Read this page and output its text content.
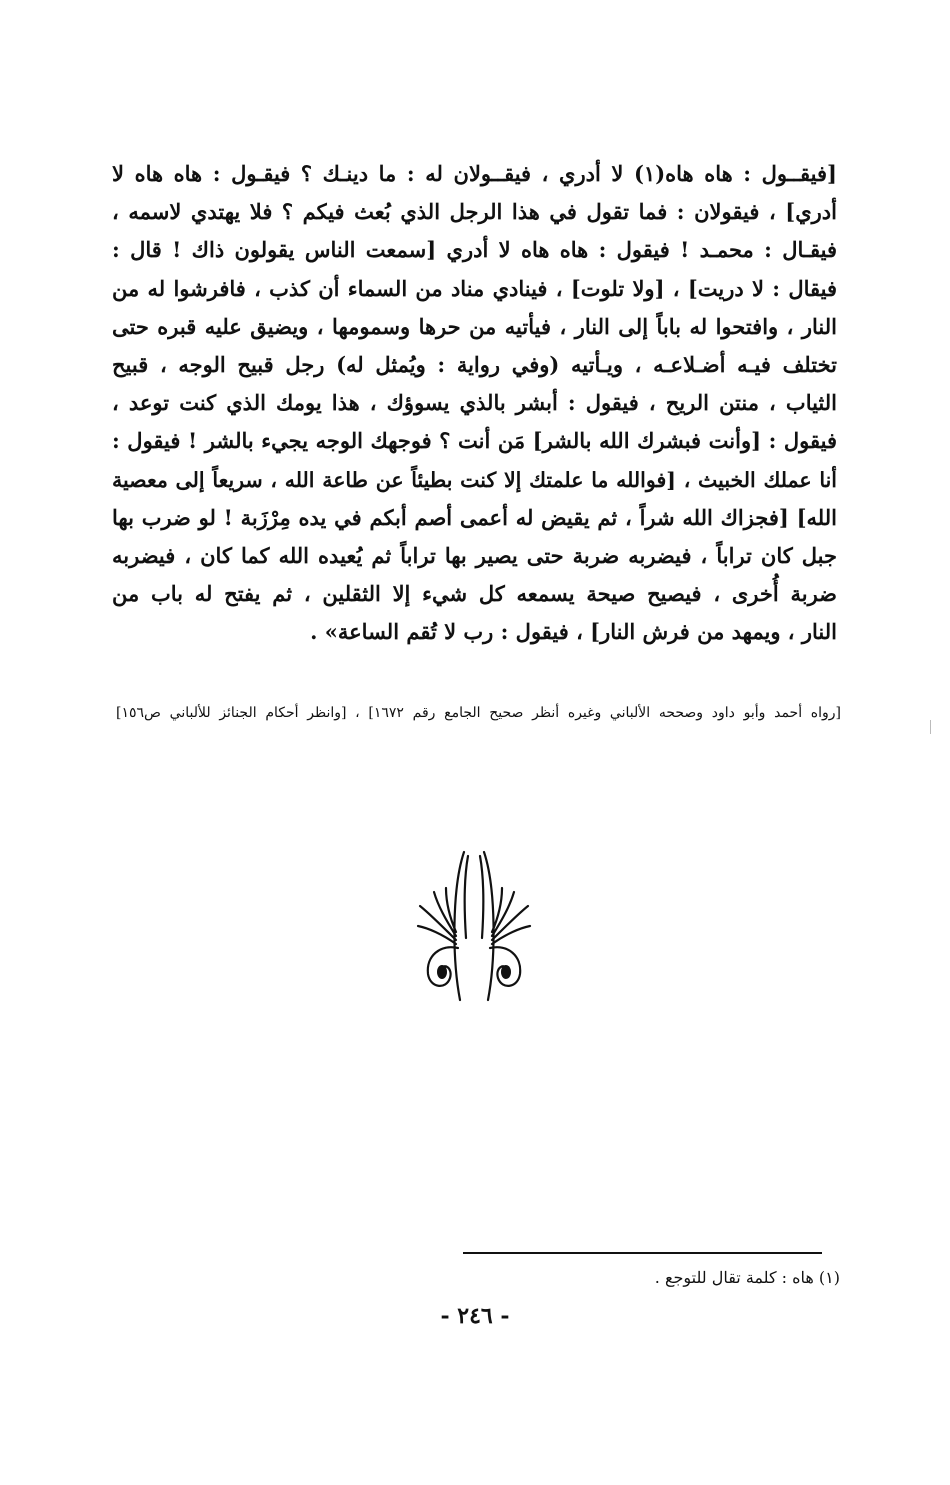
[فيقــول : هاه هاه(١) لا أدري ، فيقــولان له : ما دينـك ؟ فيقـول : هاه هاه لا
أدري] ، فيقولان : فما تقول في هذا الرجل الذي بُعث فيكم ؟ فلا يهتدي لاسمه ،
فيقـال : محمـد ! فيقول : هاه هاه لا أدري [سمعت الناس يقولون ذاك ! قال :
فيقال : لا دريت] ، [ولا تلوت] ، فينادي مناد من السماء أن كذب ، فافرشوا له من
النار ، وافتحوا له باباً إلى النار ، فيأتيه من حرها وسمومها ، ويضيق عليه قبره حتى
تختلف فيـه أضـلاعـه ، ويـأتيه (وفي رواية : ويُمثل له) رجل قبيح الوجه ، قبيح
الثياب ، منتن الريح ، فيقول : أبشر بالذي يسوؤك ، هذا يومك الذي كنت توعد ،
فيقول : [وأنت فبشرك الله بالشر] مَن أنت ؟ فوجهك الوجه يجيء بالشر ! فيقول :
أنا عملك الخبيث ، [فوالله ما علمتك إلا كنت بطيئاً عن طاعة الله ، سريعاً إلى معصية
الله] [فجزاك الله شراً ، ثم يقيض له أعمى أصم أبكم في يده مِرْزَبة ! لو ضرب بها
جبل كان تراباً ، فيضربه ضربة حتى يصير بها تراباً ثم يُعيده الله كما كان ، فيضربه
ضربة أُخرى ، فيصيح صيحة يسمعه كل شيء إلا الثقلين ، ثم يفتح له باب من
النار ، ويمهد من فرش النار] ، فيقول : رب لا تُقم الساعة» .
[رواه أحمد وأبو داود وصححه الألباني وغيره أنظر صحيح الجامع رقم ١٦٧٢] ، [وانظر أحكام الجنائز للألباني ص١٥٦]
(١) هاه : كلمة تقال للتوجع .
- ٢٤٦ -
